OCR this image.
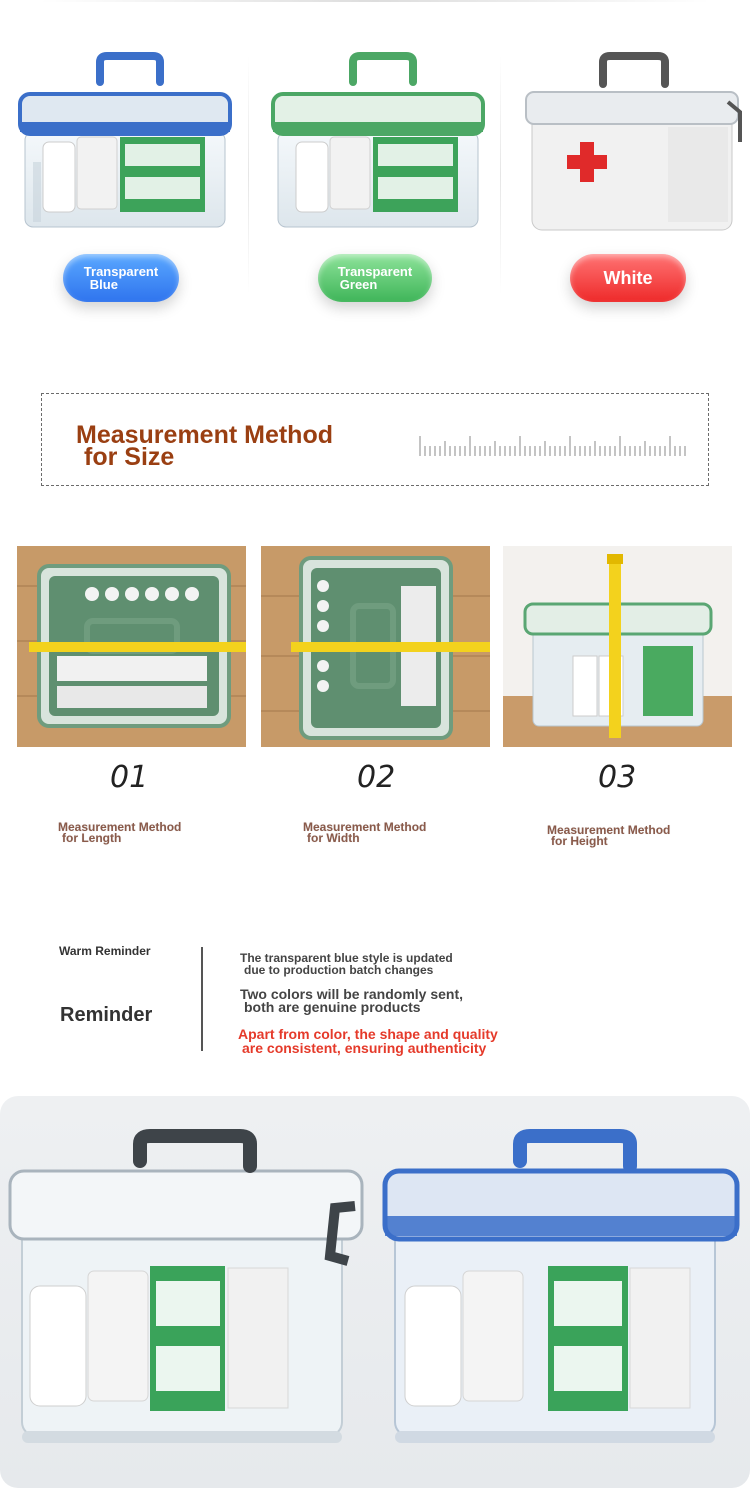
Transparent
Blue
Transparent
Green	White
Measurement Method
for Size
01	02	03
Measurement Method
for Length
Measurement Method
for Width
Measurement Method
for Height
Warm Reminder
Reminder
The transparent blue style is updated
due to production batch changes
Two colors will be randomly sent,
both are genuine products
Apart from color, the shape and quality
are consistent, ensuring authenticity
